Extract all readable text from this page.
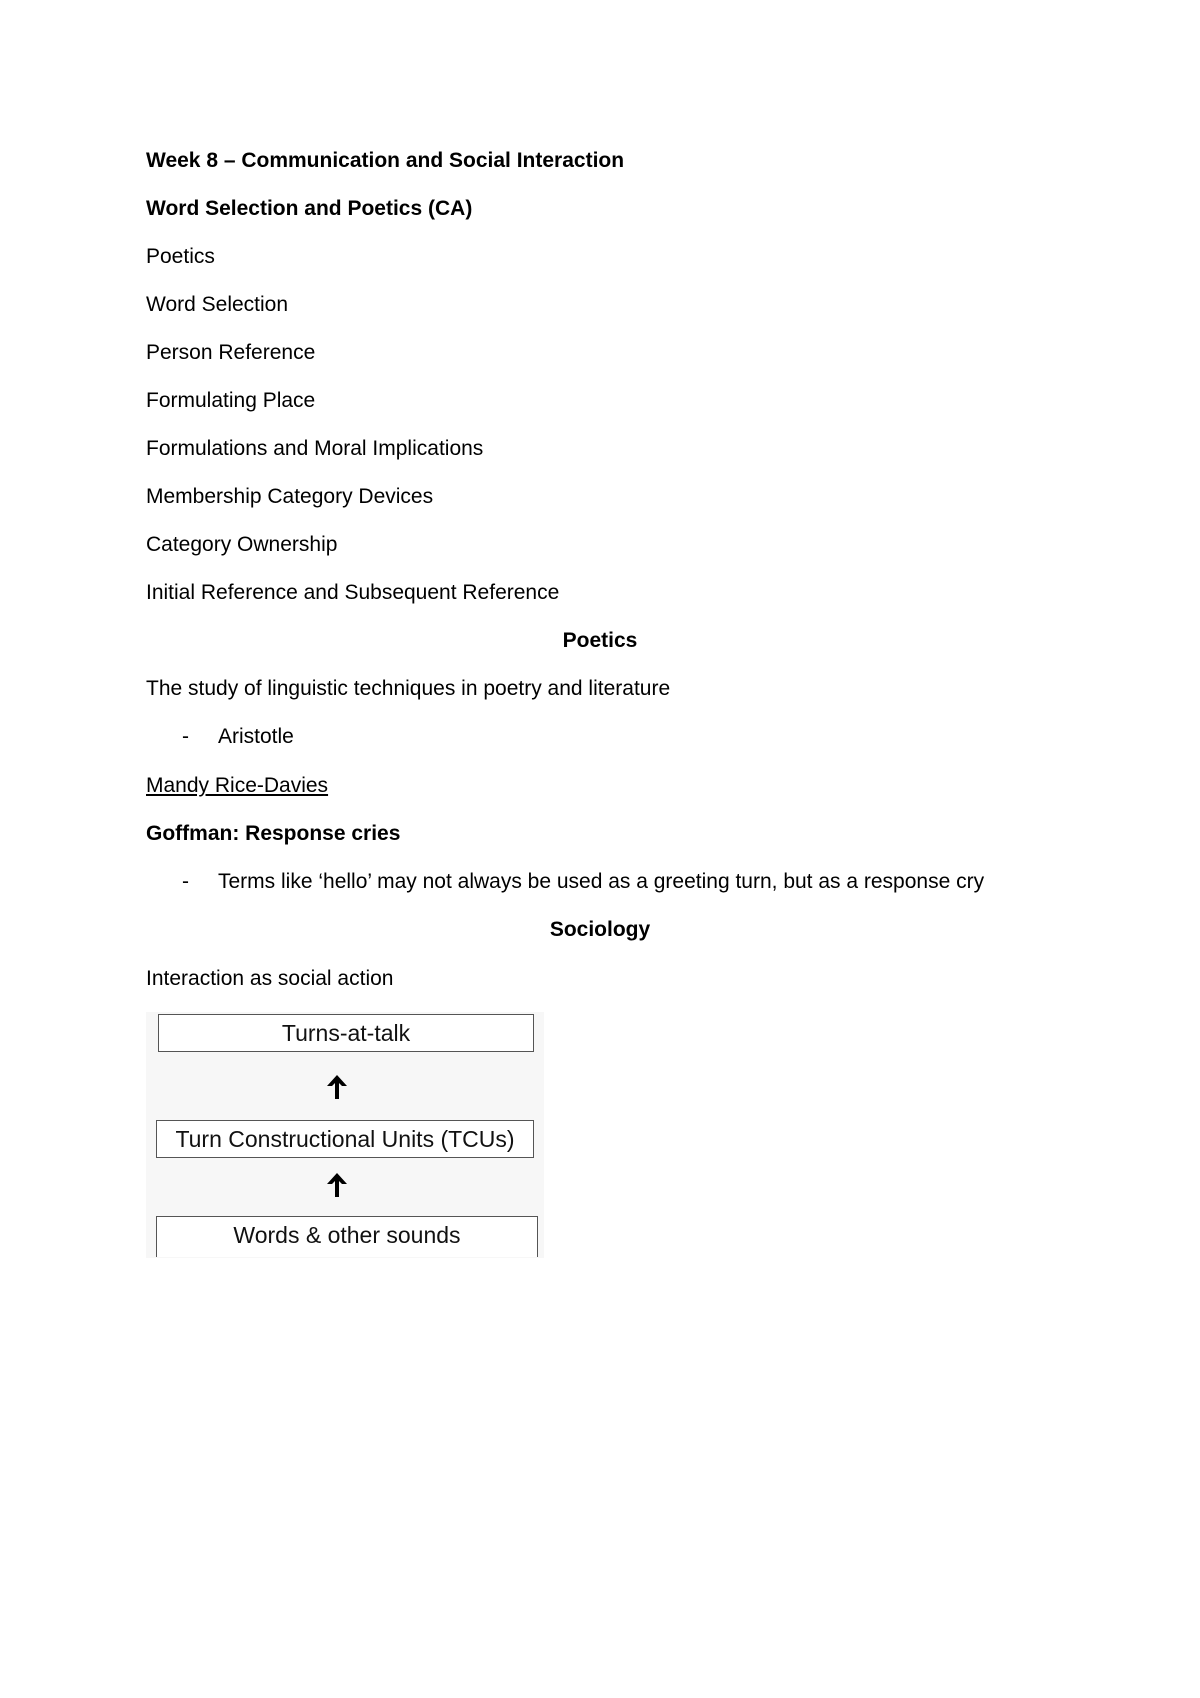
Week 8 – Communication and Social Interaction
Word Selection and Poetics (CA)
Poetics
Word Selection
Person Reference
Formulating Place
Formulations and Moral Implications
Membership Category Devices
Category Ownership
Initial Reference and Subsequent Reference
Poetics
The study of linguistic techniques in poetry and literature
- Aristotle
Mandy Rice-Davies
Goffman: Response cries
- Terms like ‘hello’ may not always be used as a greeting turn, but as a response cry
Sociology
Interaction as social action
Turns-at-talk
Turn Constructional Units (TCUs)
Words & other sounds
